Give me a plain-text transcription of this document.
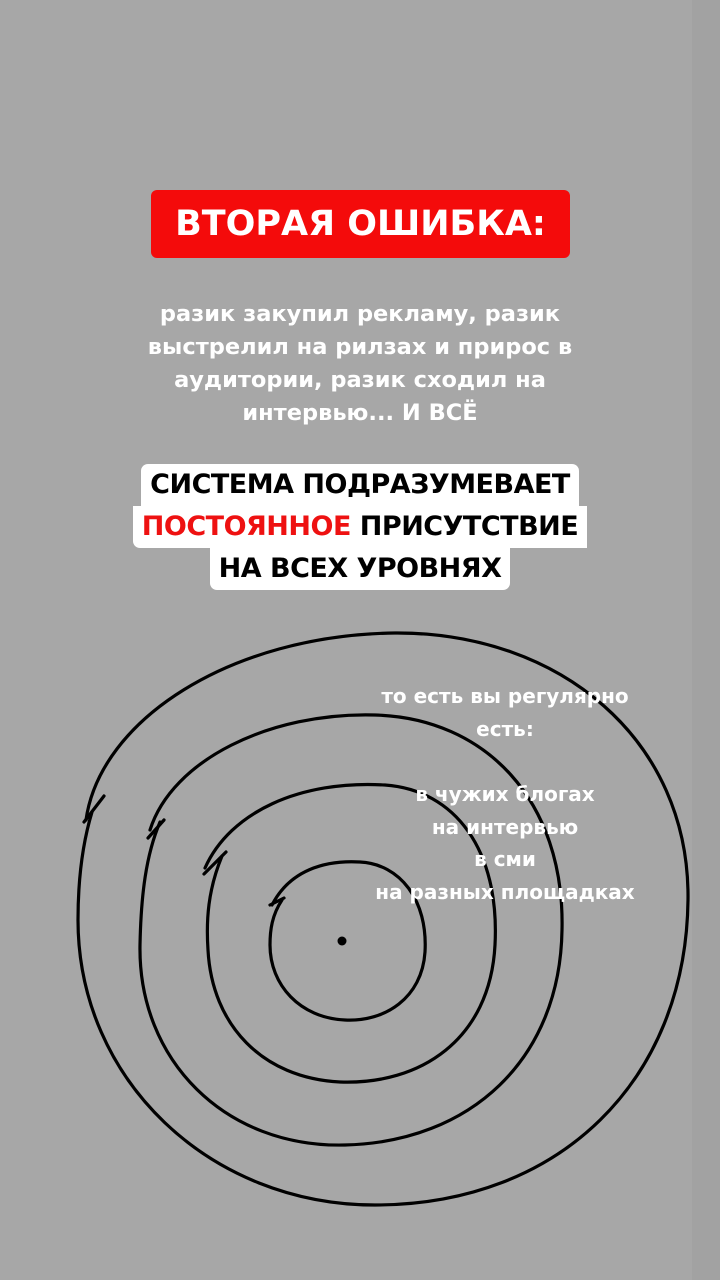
ВТОРАЯ ОШИБКА:
разик закупил рекламу, разик
выстрелил на рилзах и прирос в
аудитории, разик сходил на
интервью... И ВСЁ
СИСТЕМА ПОДРАЗУМЕВАЕТ
ПОСТОЯННОЕ ПРИСУТСТВИЕ
НА ВСЕХ УРОВНЯХ
то есть вы регулярно
есть:
в чужих блогах
на интервью
в сми
на разных площадках
